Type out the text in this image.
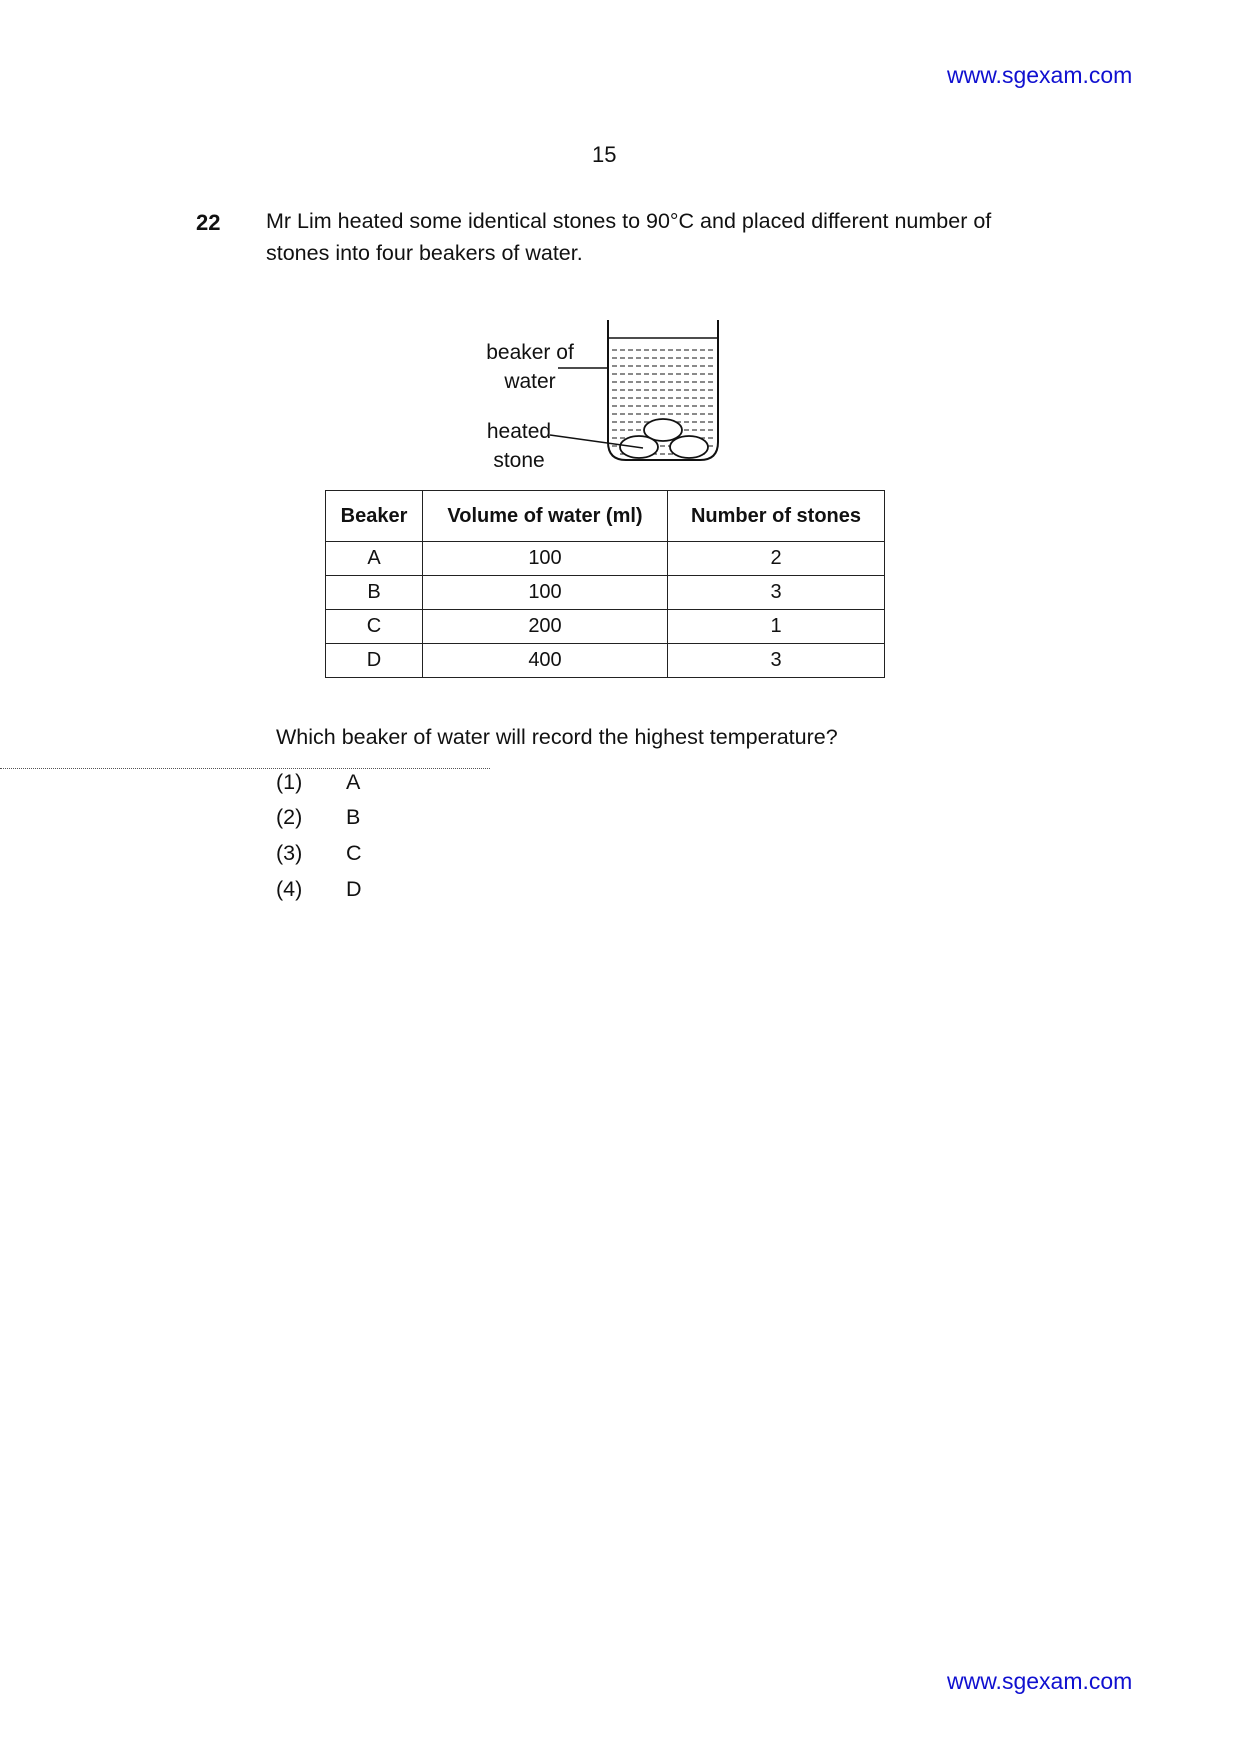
www.sgexam.com
15
22 Mr Lim heated some identical stones to 90°C and placed different number of stones into four beakers of water.
beaker of
water
heated
stone
Beaker	Volume of water (ml)	Number of stones
A	100	2
B	100	3
C	200	1
D	400	3
Which beaker of water will record the highest temperature?
(1) A
(2) B
(3) C
(4) D
www.sgexam.com
